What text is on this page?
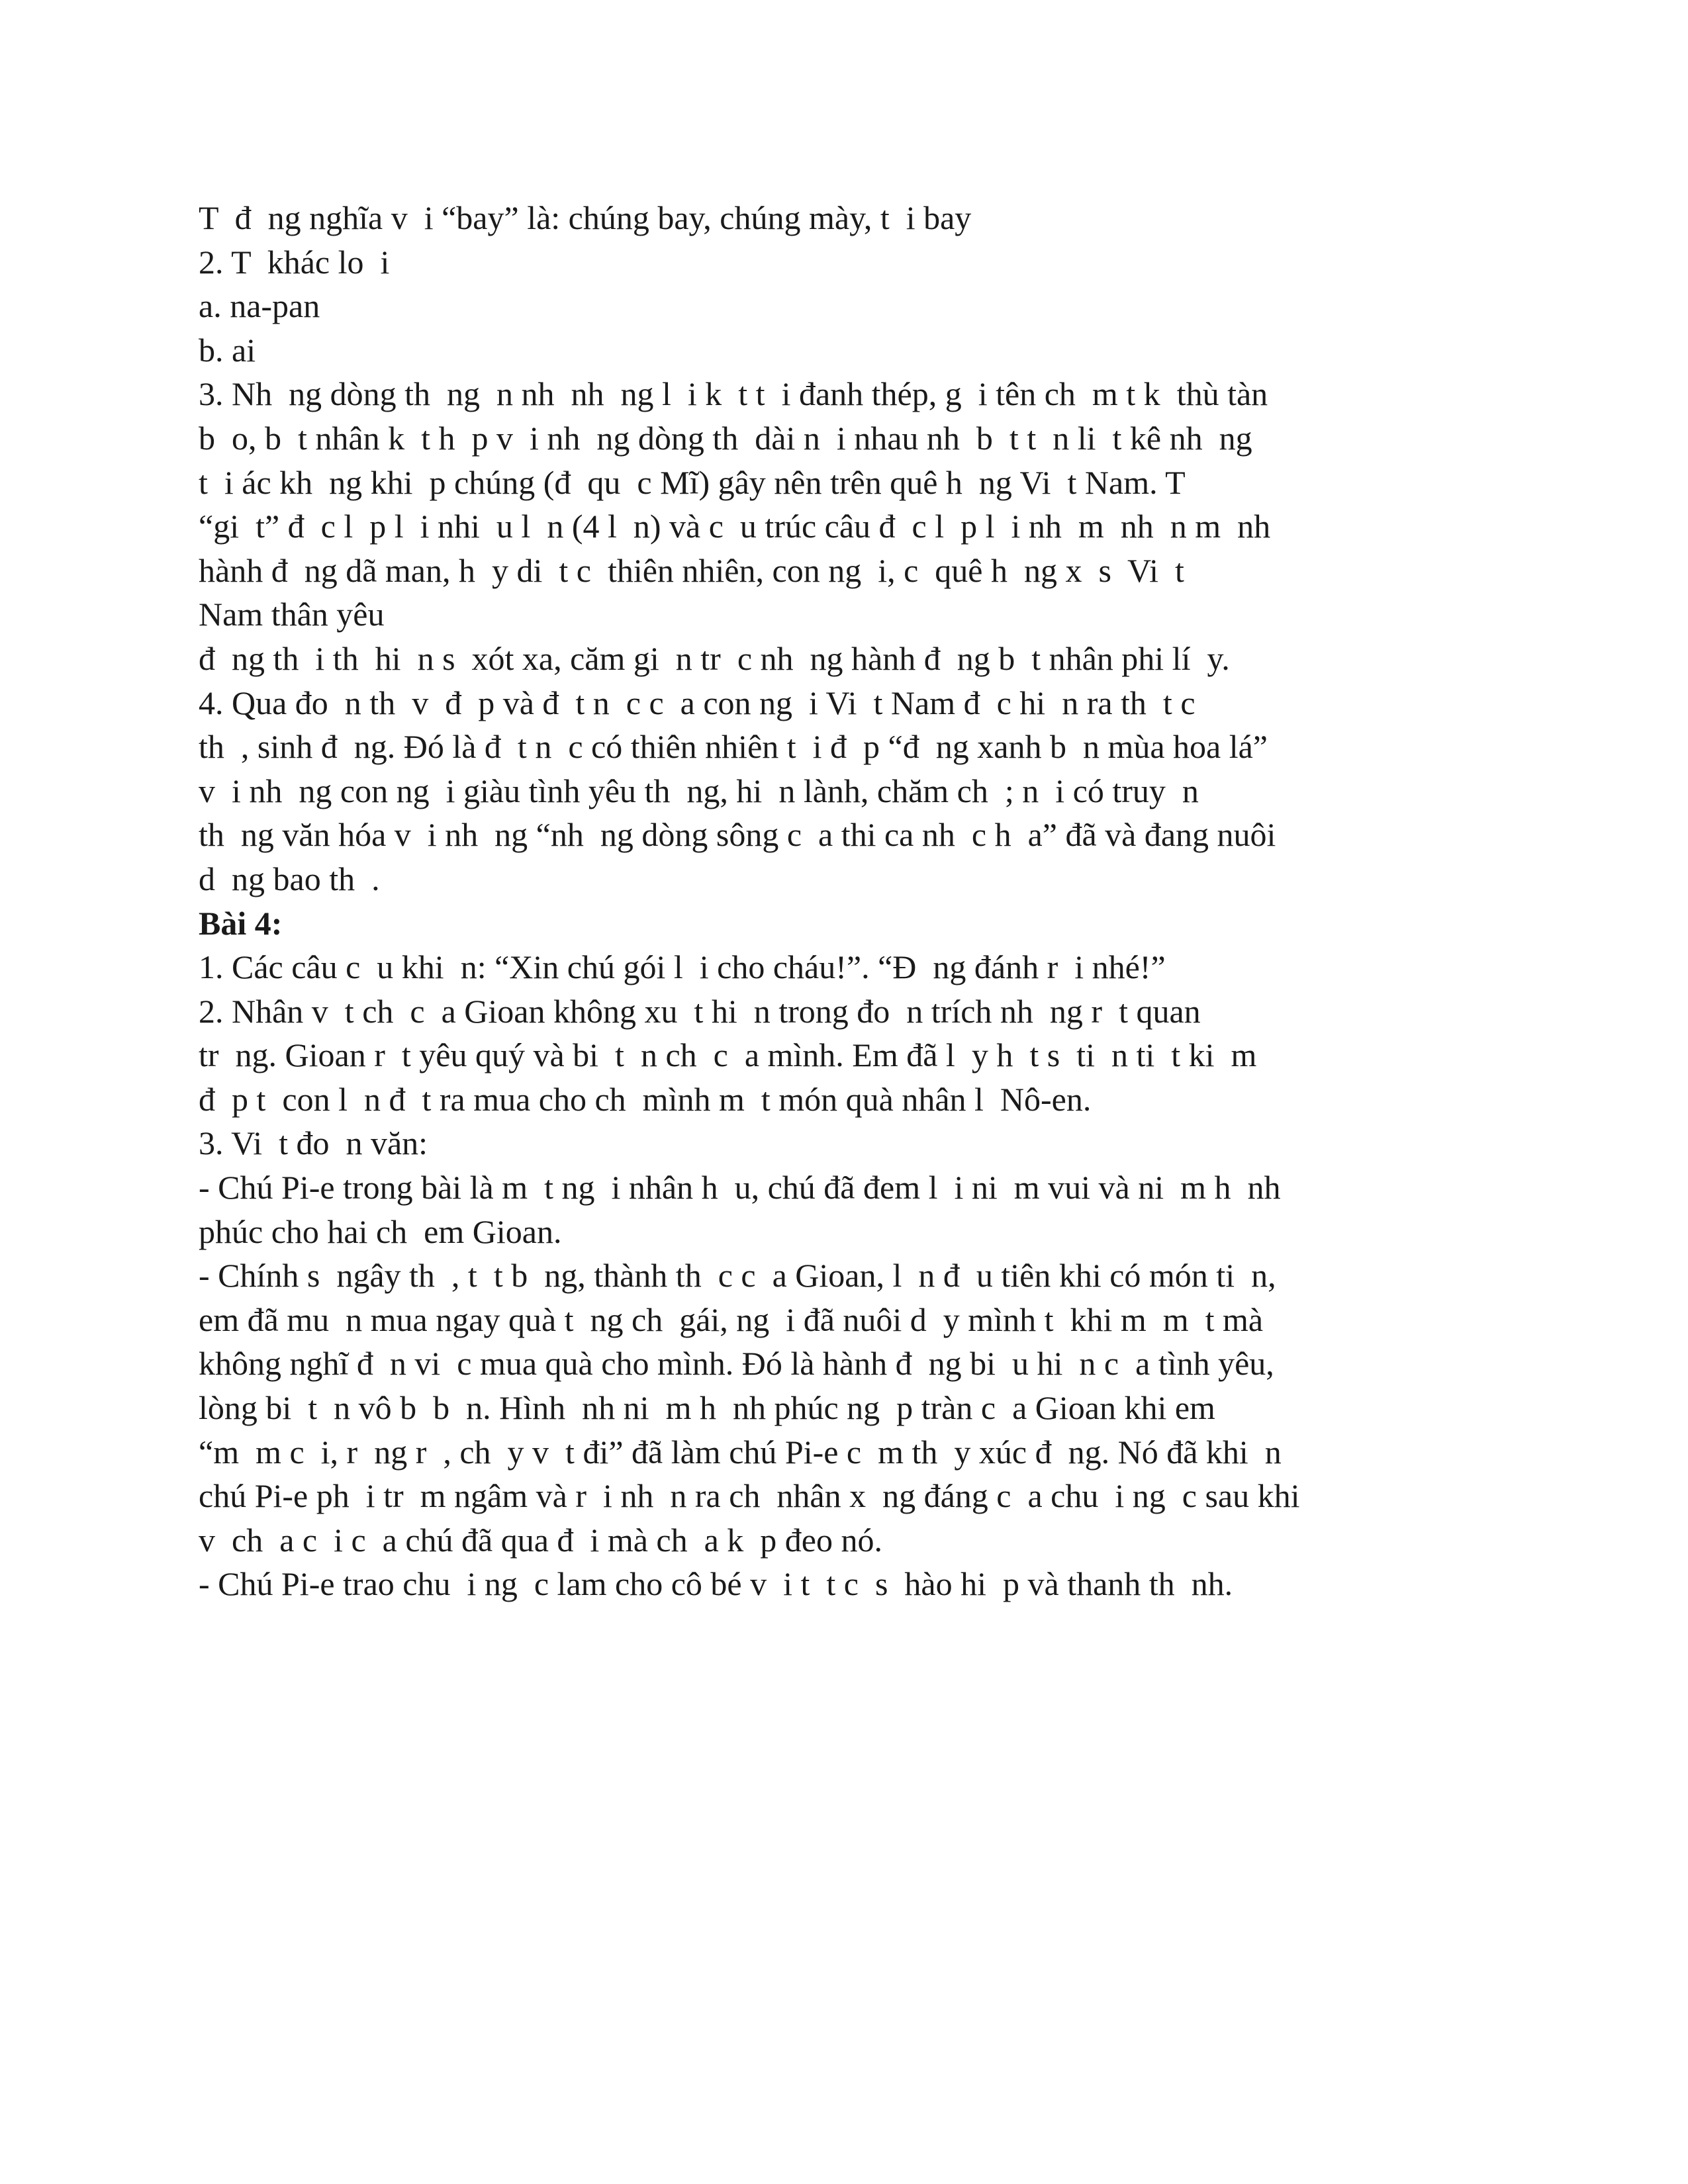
T  đ  ng nghĩa v  i “bay” là: chúng bay, chúng mày, t  i bay
2. T  khác lo  i
a. na-pan
b. ai
3. Nh  ng dòng th  ng  n nh  nh  ng l  i k  t t  i đanh thép, g  i tên ch  m t k  thù tàn
b  o, b  t nhân k  t h  p v  i nh  ng dòng th  dài n  i nhau nh  b  t t  n li  t kê nh  ng
t  i ác kh  ng khi  p chúng (đ  qu  c Mĩ) gây nên trên quê h  ng Vi  t Nam. T
“gi  t” đ  c l  p l  i nhi  u l  n (4 l  n) và c  u trúc câu đ  c l  p l  i nh  m  nh  n m  nh
hành đ  ng dã man, h  y di  t c  thiên nhiên, con ng  i, c  quê h  ng x  s  Vi  t
Nam thân yêu
đ  ng th  i th  hi  n s  xót xa, căm gi  n tr  c nh  ng hành đ  ng b  t nhân phi lí  y.
4. Qua đo  n th  v  đ  p và đ  t n  c c  a con ng  i Vi  t Nam đ  c hi  n ra th  t c
th  , sinh đ  ng. Đó là đ  t n  c có thiên nhiên t  i đ  p “đ  ng xanh b  n mùa hoa lá”
v  i nh  ng con ng  i giàu tình yêu th  ng, hi  n lành, chăm ch  ; n  i có truy  n
th  ng văn hóa v  i nh  ng “nh  ng dòng sông c  a thi ca nh  c h  a” đã và đang nuôi
d  ng bao th  .
Bài 4:
1. Các câu c  u khi  n: “Xin chú gói l  i cho cháu!”. “Đ  ng đánh r  i nhé!”
2. Nhân v  t ch  c  a Gioan không xu  t hi  n trong đo  n trích nh  ng r  t quan
tr  ng. Gioan r  t yêu quý và bi  t  n ch  c  a mình. Em đã l  y h  t s  ti  n ti  t ki  m
đ  p t  con l  n đ  t ra mua cho ch  mình m  t món quà nhân l  Nô-en.
3. Vi  t đo  n văn:
- Chú Pi-e trong bài là m  t ng  i nhân h  u, chú đã đem l  i ni  m vui và ni  m h  nh
phúc cho hai ch  em Gioan.
- Chính s  ngây th  , t  t b  ng, thành th  c c  a Gioan, l  n đ  u tiên khi có món ti  n,
em đã mu  n mua ngay quà t  ng ch  gái, ng  i đã nuôi d  y mình t  khi m  m  t mà
không nghĩ đ  n vi  c mua quà cho mình. Đó là hành đ  ng bi  u hi  n c  a tình yêu,
lòng bi  t  n vô b  b  n. Hình  nh ni  m h  nh phúc ng  p tràn c  a Gioan khi em
“m  m c  i, r  ng r  , ch  y v  t đi” đã làm chú Pi-e c  m th  y xúc đ  ng. Nó đã khi  n
chú Pi-e ph  i tr  m ngâm và r  i nh  n ra ch  nhân x  ng đáng c  a chu  i ng  c sau khi
v  ch  a c  i c  a chú đã qua đ  i mà ch  a k  p đeo nó.
- Chú Pi-e trao chu  i ng  c lam cho cô bé v  i t  t c  s  hào hi  p và thanh th  nh.
